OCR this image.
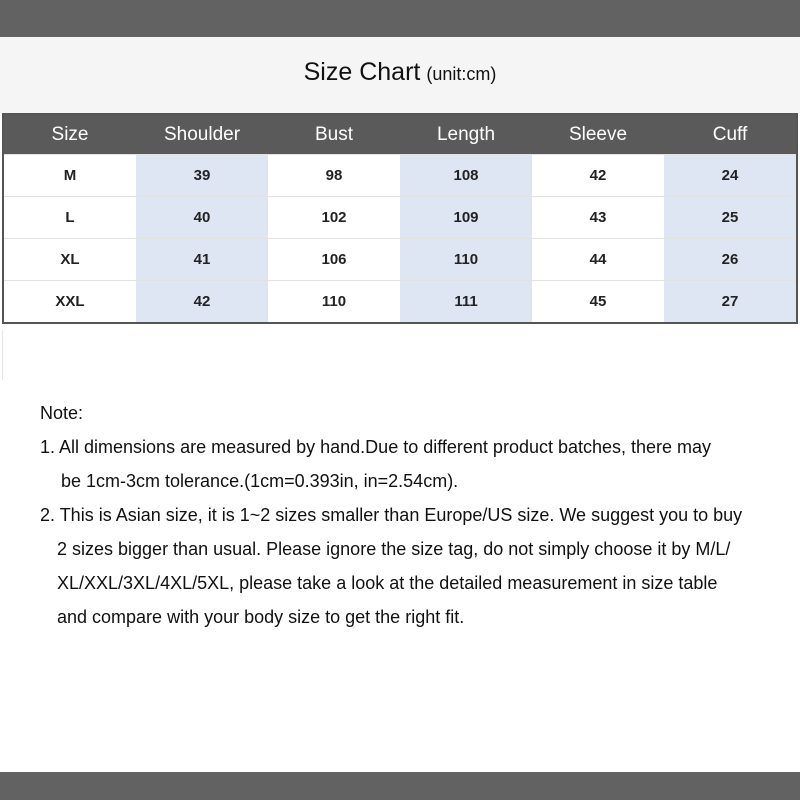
Size Chart (unit:cm)
Size	Shoulder	Bust	Length	Sleeve	Cuff
M	39	98	108	42	24
L	40	102	109	43	25
XL	41	106	110	44	26
XXL	42	110	111	45	27
Note:
1. All dimensions are measured by hand.Due to different product batches, there may
be 1cm-3cm tolerance.(1cm=0.393in, in=2.54cm).
2. This is Asian size, it is 1~2 sizes smaller than Europe/US size. We suggest you to buy
2 sizes bigger than usual. Please ignore the size tag, do not simply choose it by M/L/
XL/XXL/3XL/4XL/5XL, please take a look at the detailed measurement in size table
and compare with your body size to get the right fit.
